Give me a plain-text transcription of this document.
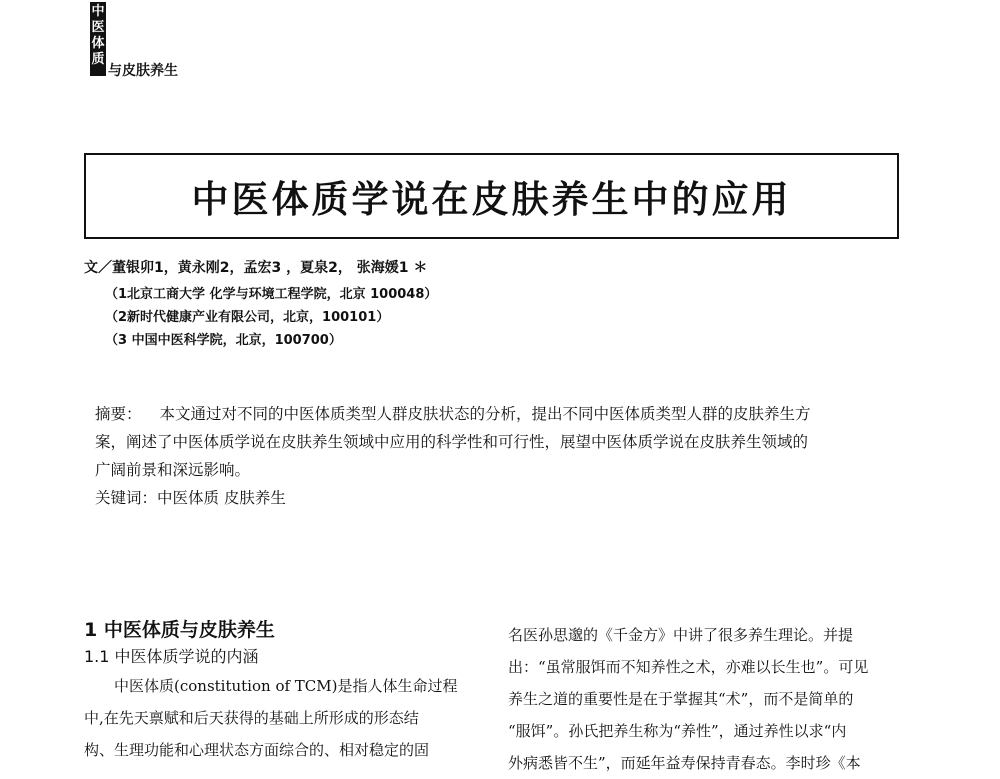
中
医
体
质
与皮肤养生
中医体质学说在皮肤养生中的应用
文／董银卯1，黄永刚2，孟宏3 ，夏泉2， 张海媛1 ＊
（1北京工商大学 化学与环境工程学院，北京 100048）
（2新时代健康产业有限公司，北京，100101）
（3 中国中医科学院，北京，100700）
摘要： 本文通过对不同的中医体质类型人群皮肤状态的分析，提出不同中医体质类型人群的皮肤养生方
案，阐述了中医体质学说在皮肤养生领域中应用的科学性和可行性，展望中医体质学说在皮肤养生领域的
广阔前景和深远影响。
关键词：中医体质 皮肤养生

1 中医体质与皮肤养生

1.1 中医体质学说的内涵

中医体质(constitution of TCM)是指人体生命过程
中,在先天禀赋和后天获得的基础上所形成的形态结
构、生理功能和心理状态方面综合的、相对稳定的固

名医孙思邈的《千金方》中讲了很多养生理论。并提
出：“虽常服饵而不知养性之术，亦难以长生也”。可见
养生之道的重要性是在于掌握其“术”，而不是简单的
“服饵”。孙氏把养生称为“养性”，通过养性以求“内
外病悉皆不生”，而延年益寿保持青春态。李时珍《本
